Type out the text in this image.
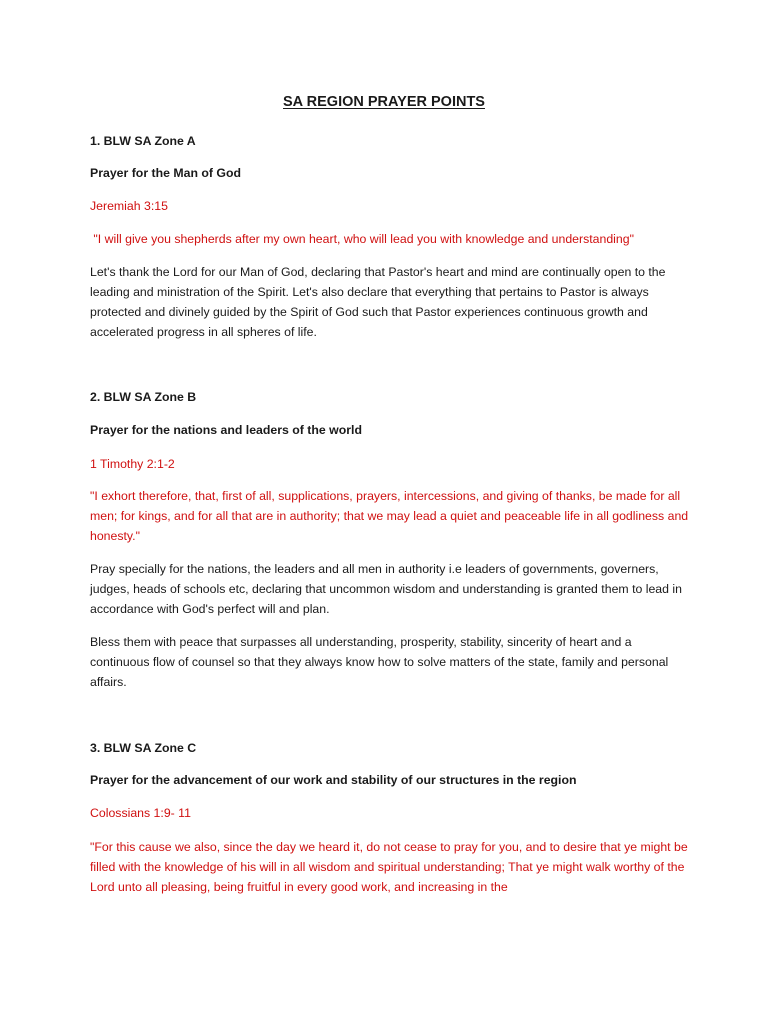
SA REGION PRAYER POINTS

1. BLW SA Zone A

Prayer for the Man of God

Jeremiah 3:15

"I will give you shepherds after my own heart, who will lead you with knowledge and understanding"

Let's thank the Lord for our Man of God, declaring that Pastor's heart and mind are continually open to the leading and ministration of the Spirit. Let's also declare that everything that pertains to Pastor is always protected and divinely guided by the Spirit of God such that Pastor experiences continuous growth and accelerated progress in all spheres of life.

2. BLW SA Zone B

Prayer for the nations and leaders of the world

1 Timothy 2:1-2

"I exhort therefore, that, first of all, supplications, prayers, intercessions, and giving of thanks, be made for all men; for kings, and for all that are in authority; that we may lead a quiet and peaceable life in all godliness and honesty."

Pray specially for the nations, the leaders and all men in authority i.e leaders of governments, governers, judges, heads of schools etc, declaring that uncommon wisdom and understanding is granted them to lead in accordance with God's perfect will and plan.

Bless them with peace that surpasses all understanding, prosperity, stability, sincerity of heart and a continuous flow of counsel so that they always know how to solve matters of the state, family and personal affairs.

3. BLW SA Zone C

Prayer for the advancement of our work and stability of our structures in the region

Colossians 1:9- 11

"For this cause we also, since the day we heard it, do not cease to pray for you, and to desire that ye might be filled with the knowledge of his will in all wisdom and spiritual understanding; That ye might walk worthy of the Lord unto all pleasing, being fruitful in every good work, and increasing in the
